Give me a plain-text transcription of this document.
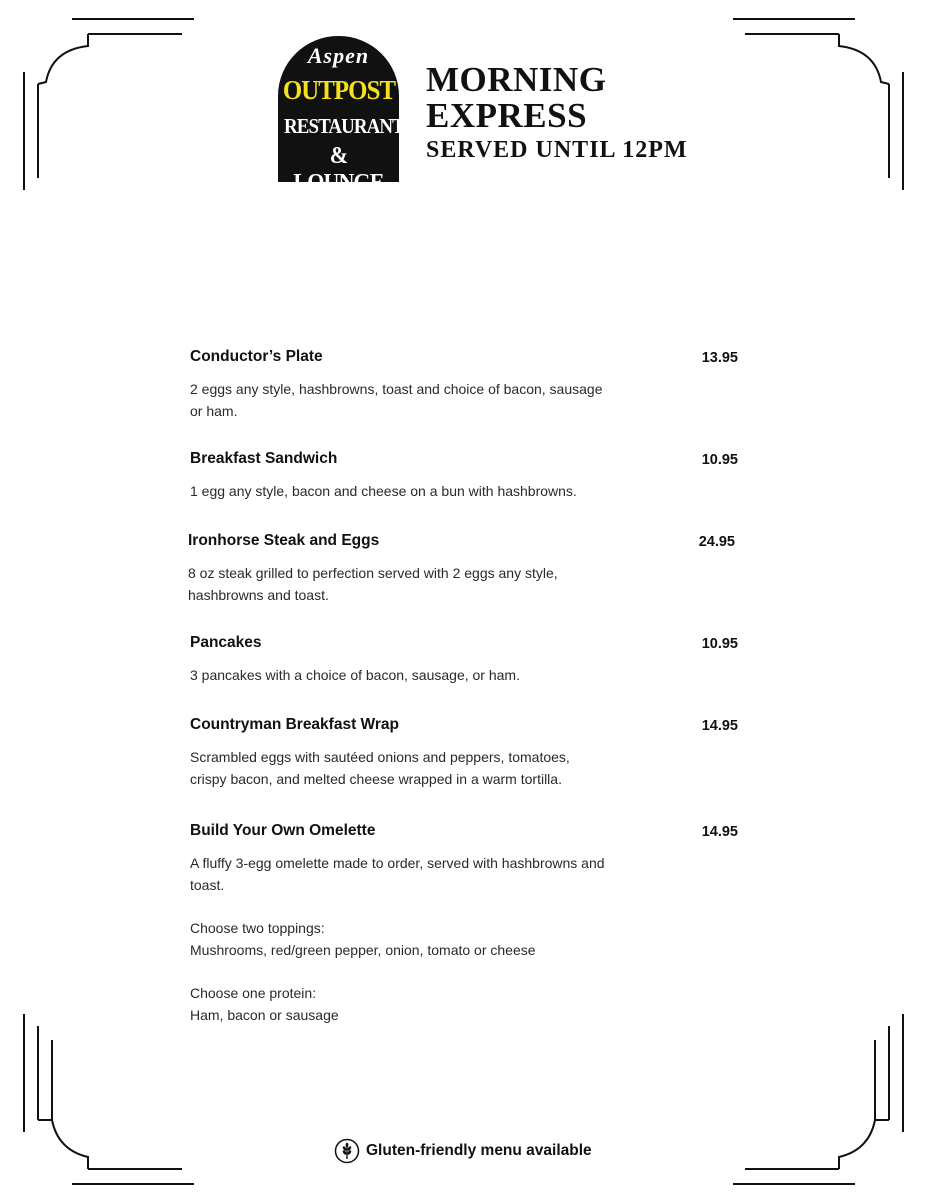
Aspen
OUTPOST
RESTAURANT
& LOUNGE
MORNING
EXPRESS
SERVED UNTIL 12PM
Conductor’s Plate	13.95
2 eggs any style, hashbrowns, toast and choice of bacon, sausage or ham.
Breakfast Sandwich	10.95
1 egg any style, bacon and cheese on a bun with hashbrowns.
Ironhorse Steak and Eggs	24.95
8 oz steak grilled to perfection served with 2 eggs any style, hashbrowns and toast.
Pancakes	10.95
3 pancakes with a choice of bacon, sausage, or ham.
Countryman Breakfast Wrap	14.95
Scrambled eggs with sautéed onions and peppers, tomatoes, crispy bacon, and melted cheese wrapped in a warm tortilla.
Build Your Own Omelette	14.95
A fluffy 3-egg omelette made to order, served with hashbrowns and toast.
Choose two toppings:
Mushrooms, red/green pepper, onion, tomato or cheese
Choose one protein:
Ham, bacon or sausage
Gluten-friendly menu available
